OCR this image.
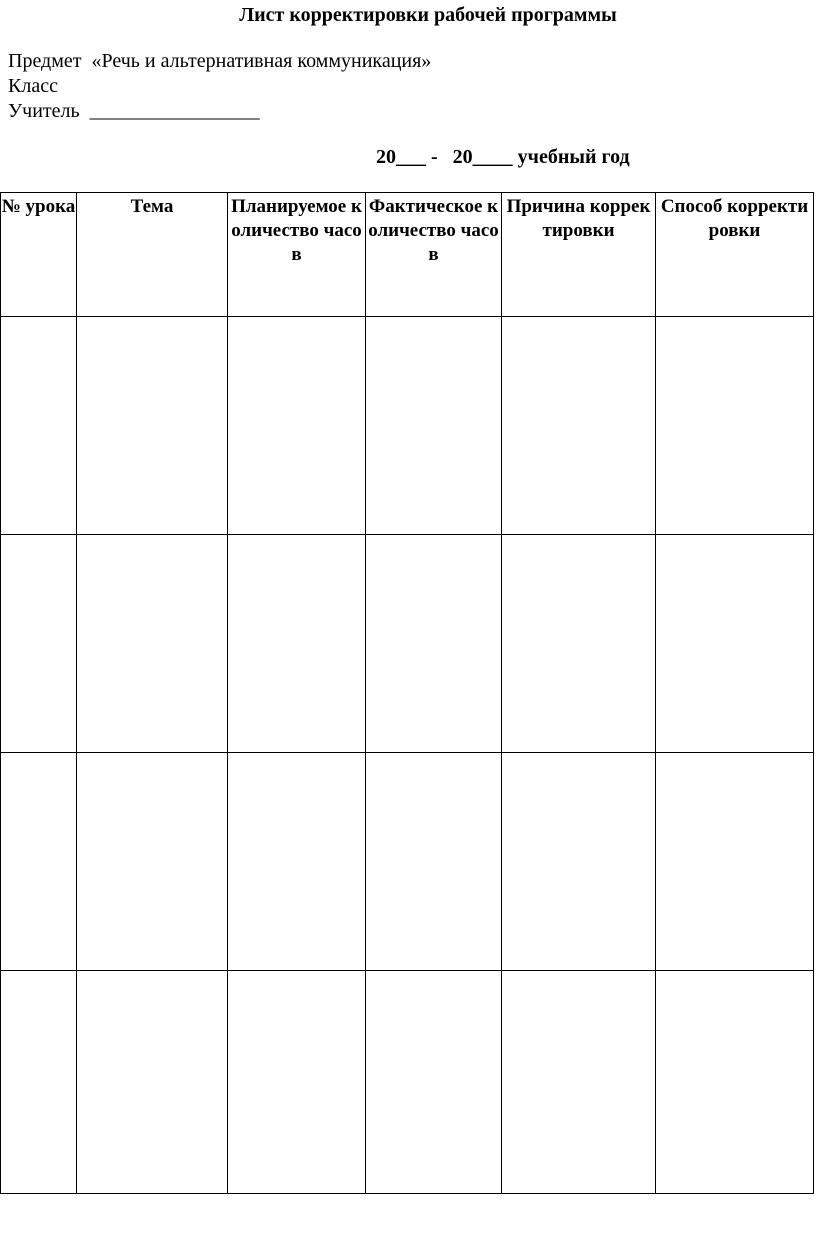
Лист корректировки рабочей программы
Предмет  «Речь и альтернативная коммуникация»
Класс
Учитель  _________________
20___ -   20____ учебный год
№ урока	Тема	Планируемое количество часов	Фактическое количество часов	Причина корректировки	Способ корректировки
